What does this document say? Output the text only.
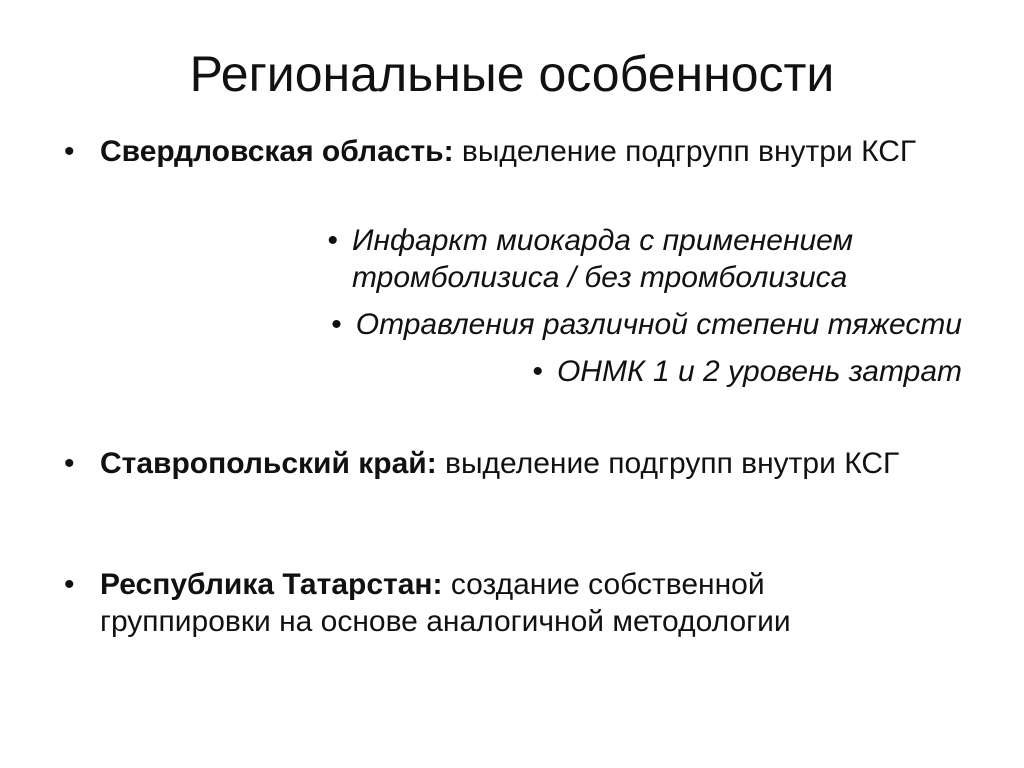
Региональные особенности
• Свердловская область: выделение подгрупп внутри КСГ
• Инфаркт миокарда с применением тромболизиса / без тромболизиса
• Отравления различной степени тяжести
• ОНМК 1 и 2 уровень затрат
• Ставропольский край: выделение подгрупп внутри КСГ
• Республика Татарстан: создание собственной группировки на основе аналогичной методологии
